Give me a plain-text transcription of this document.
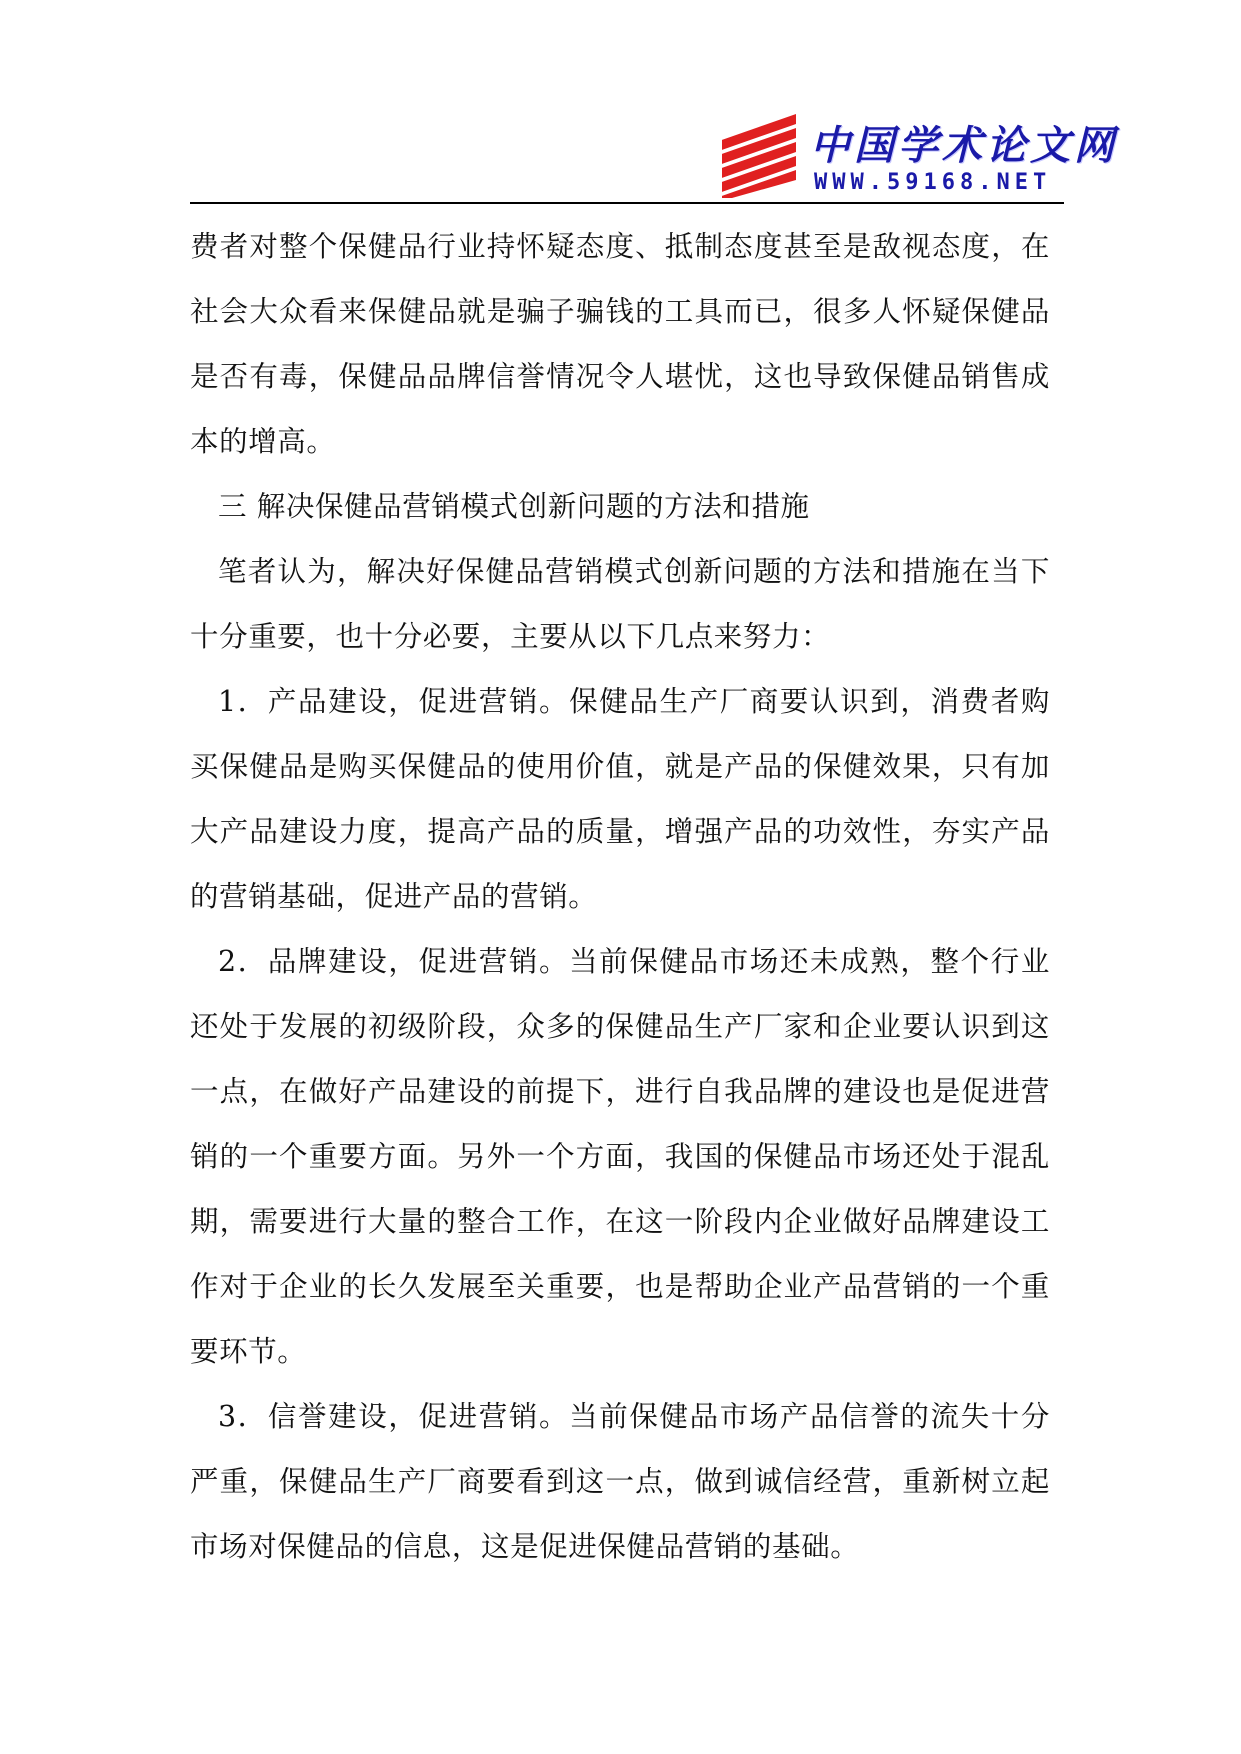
中国学术论文网
WWW.59168.NET

费者对整个保健品行业持怀疑态度、抵制态度甚至是敌视态度，在社会大众看来保健品就是骗子骗钱的工具而已，很多人怀疑保健品是否有毒，保健品品牌信誉情况令人堪忧，这也导致保健品销售成本的增高。

三 解决保健品营销模式创新问题的方法和措施

笔者认为，解决好保健品营销模式创新问题的方法和措施在当下十分重要，也十分必要，主要从以下几点来努力：

1．产品建设，促进营销。保健品生产厂商要认识到，消费者购买保健品是购买保健品的使用价值，就是产品的保健效果，只有加大产品建设力度，提高产品的质量，增强产品的功效性，夯实产品的营销基础，促进产品的营销。

2．品牌建设，促进营销。当前保健品市场还未成熟，整个行业还处于发展的初级阶段，众多的保健品生产厂家和企业要认识到这一点，在做好产品建设的前提下，进行自我品牌的建设也是促进营销的一个重要方面。另外一个方面，我国的保健品市场还处于混乱期，需要进行大量的整合工作，在这一阶段内企业做好品牌建设工作对于企业的长久发展至关重要，也是帮助企业产品营销的一个重要环节。

3．信誉建设，促进营销。当前保健品市场产品信誉的流失十分严重，保健品生产厂商要看到这一点，做到诚信经营，重新树立起市场对保健品的信息，这是促进保健品营销的基础。
